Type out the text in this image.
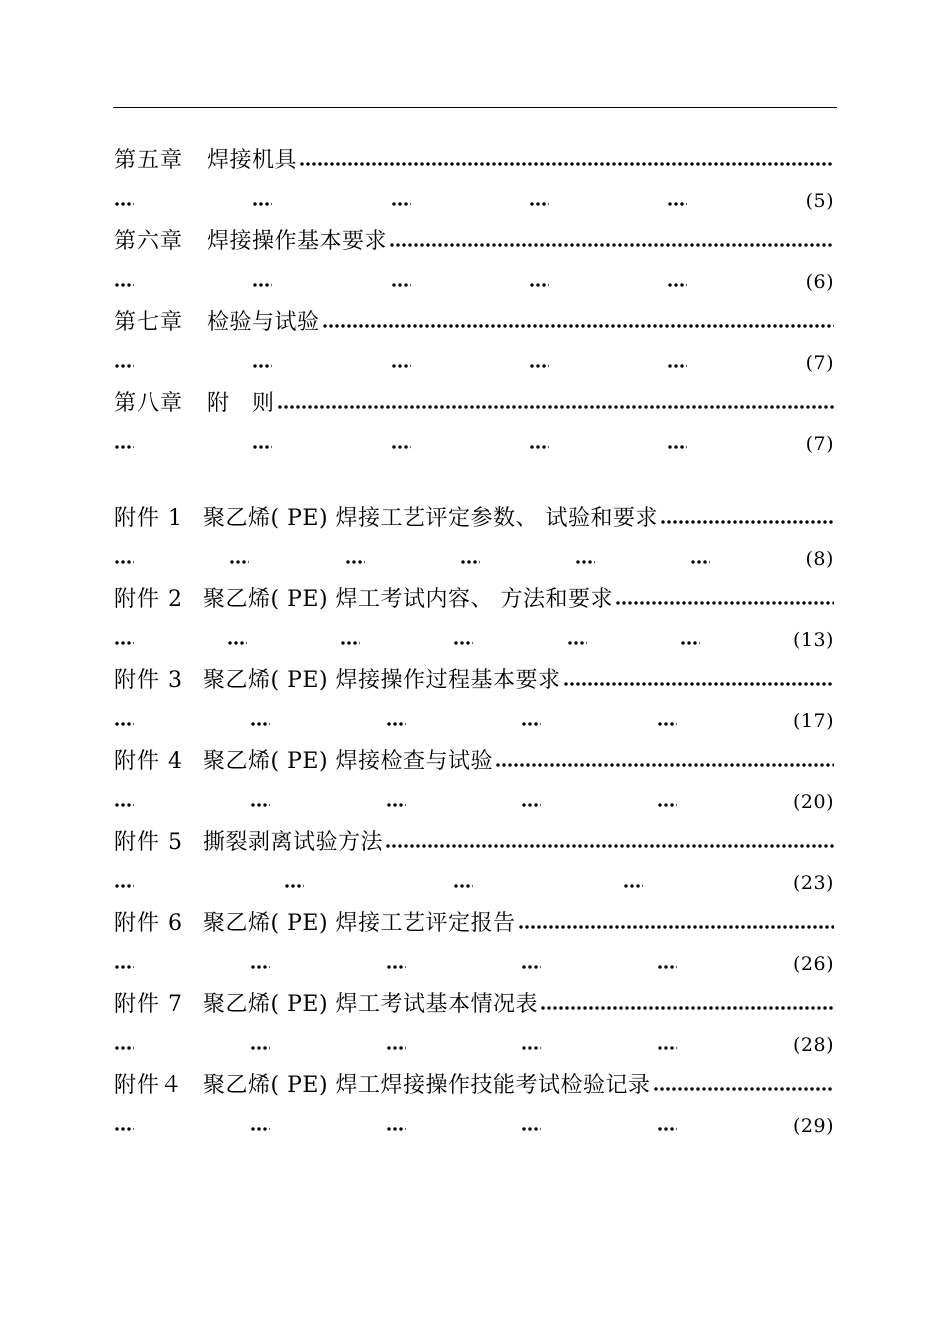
第五章 焊接机具
(5)
第六章 焊接操作基本要求
(6)
第七章 检验与试验
(7)
第八章 附　则
(7)
附件 1 聚乙烯( PE) 焊接工艺评定参数、 试验和要求
(8)
附件 2 聚乙烯( PE) 焊工考试内容、 方法和要求
(13)
附件 3 聚乙烯( PE) 焊接操作过程基本要求
(17)
附件 4 聚乙烯( PE) 焊接检查与试验
(20)
附件 5 撕裂剥离试验方法
(23)
附件 6 聚乙烯( PE) 焊接工艺评定报告
(26)
附件 7 聚乙烯( PE) 焊工考试基本情况表
(28)
附件４ 聚乙烯( PE) 焊工焊接操作技能考试检验记录
(29)
